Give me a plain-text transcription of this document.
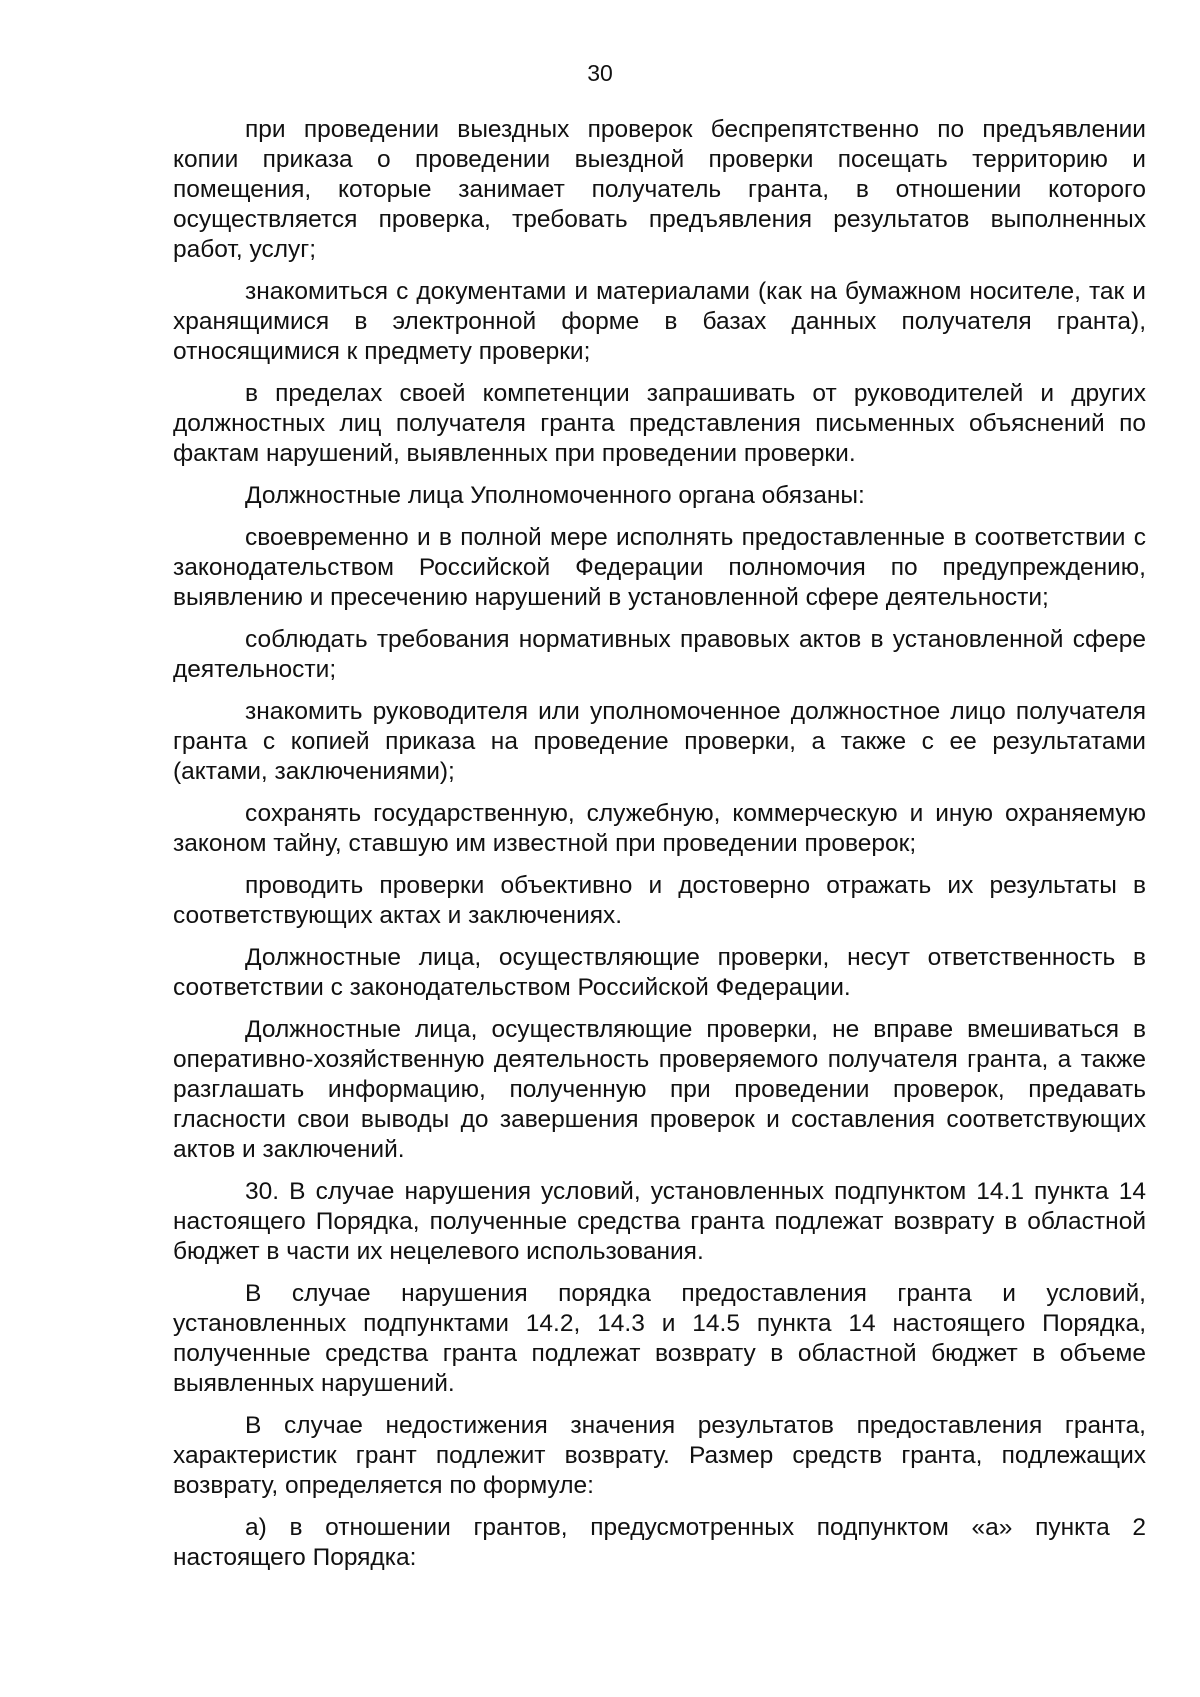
30

при проведении выездных проверок беспрепятственно по предъявлении копии приказа о проведении выездной проверки посещать территорию и помещения, которые занимает получатель гранта, в отношении которого осуществляется проверка, требовать предъявления результатов выполненных работ, услуг;

знакомиться с документами и материалами (как на бумажном носителе, так и хранящимися в электронной форме в базах данных получателя гранта), относящимися к предмету проверки;

в пределах своей компетенции запрашивать от руководителей и других должностных лиц получателя гранта представления письменных объяснений по фактам нарушений, выявленных при проведении проверки.

Должностные лица Уполномоченного органа обязаны:

своевременно и в полной мере исполнять предоставленные в соответствии с законодательством Российской Федерации полномочия по предупреждению, выявлению и пресечению нарушений в установленной сфере деятельности;

соблюдать требования нормативных правовых актов в установленной сфере деятельности;

знакомить руководителя или уполномоченное должностное лицо получателя гранта с копией приказа на проведение проверки, а также с ее результатами (актами, заключениями);

сохранять государственную, служебную, коммерческую и иную охраняемую законом тайну, ставшую им известной при проведении проверок;

проводить проверки объективно и достоверно отражать их результаты в соответствующих актах и заключениях.

Должностные лица, осуществляющие проверки, несут ответственность в соответствии с законодательством Российской Федерации.

Должностные лица, осуществляющие проверки, не вправе вмешиваться в оперативно-хозяйственную деятельность проверяемого получателя гранта, а также разглашать информацию, полученную при проведении проверок, предавать гласности свои выводы до завершения проверок и составления соответствующих актов и заключений.

30. В случае нарушения условий, установленных подпунктом 14.1 пункта 14 настоящего Порядка, полученные средства гранта подлежат возврату в областной бюджет в части их нецелевого использования.

В случае нарушения порядка предоставления гранта и условий, установленных подпунктами 14.2, 14.3 и 14.5 пункта 14 настоящего Порядка, полученные средства гранта подлежат возврату в областной бюджет в объеме выявленных нарушений.

В случае недостижения значения результатов предоставления гранта, характеристик грант подлежит возврату. Размер средств гранта, подлежащих возврату, определяется по формуле:

а) в отношении грантов, предусмотренных подпунктом «а» пункта 2 настоящего Порядка:
